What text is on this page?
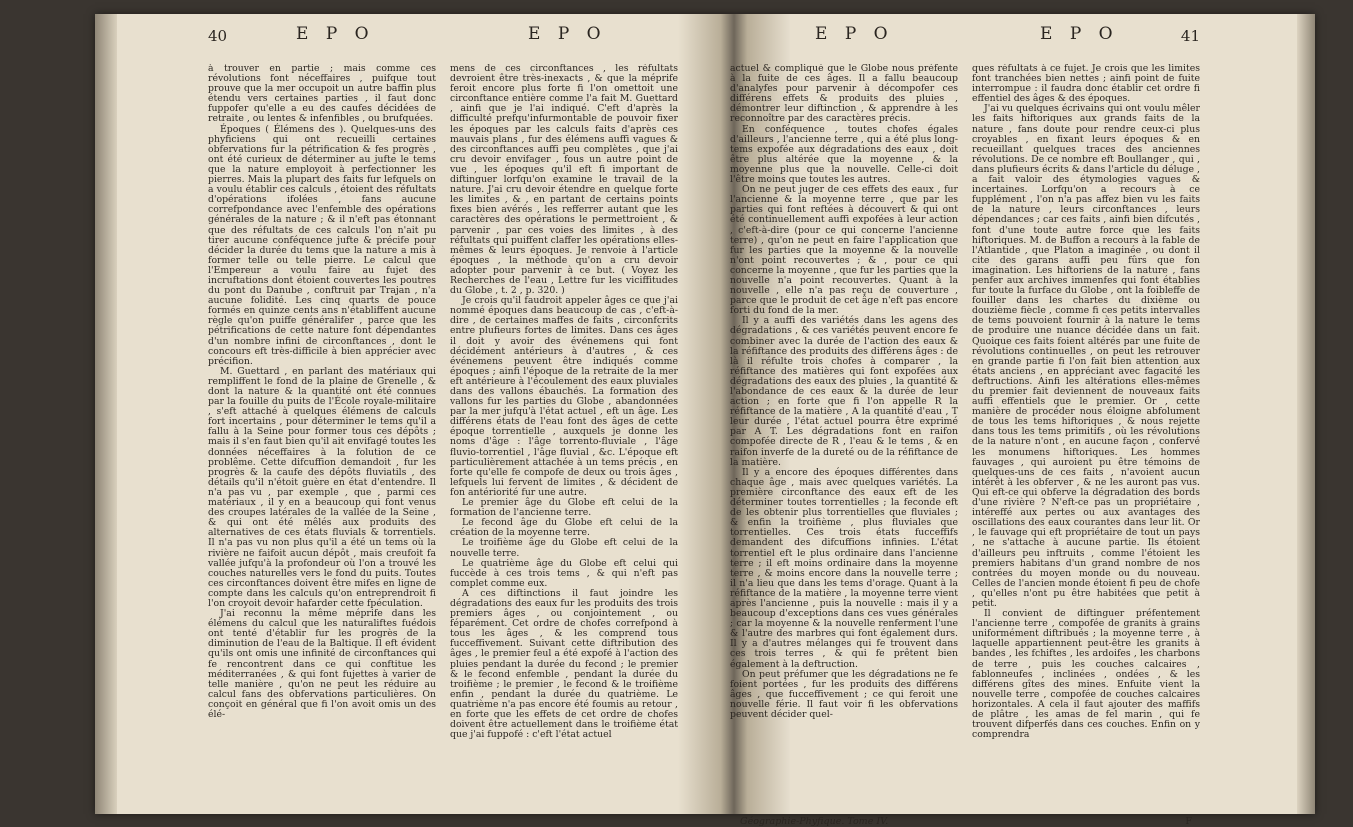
40	E P O	E P O

à trouver en partie ; mais comme ces révolutions font néceffaires , puifque tout prouve que la mer occupoit un autre baffin plus étendu vers certaines parties , il faut donc fuppofer qu'elle a eu des caufes décidées de retraite , ou lentes & infenfibles , ou brufquées.

Époques ( Élémens des ). Quelques-uns des phyficiens qui ont recueilli certaines obfervations fur la pétrification & fes progrès , ont été curieux de déterminer au jufte le tems que la nature employoit à perfectionner les pierres. Mais la plupart des faits fur lefquels on a voulu établir ces calculs , étoient des réfultats d'opérations ifolées , fans aucune correfpondance avec l'enfemble des opérations générales de la nature ; & il n'eft pas étonnant que des réfultats de ces calculs l'on n'ait pu tirer aucune conféquence jufte & précife pour décider la durée du tems que la nature a mis à former telle ou telle pierre. Le calcul que l'Empereur a voulu faire au fujet des incruftations dont étoient couvertes les poutres du pont du Danube , conftruit par Trajan , n'a aucune folidité. Les cinq quarts de pouce formés en quinze cents ans n'établiffent aucune règle qu'on puiffe généralifer , parce que les pétrifications de cette nature font dépendantes d'un nombre infini de circonftances , dont le concours eft très-difficile à bien apprécier avec précifion.

M. Guettard , en parlant des matériaux qui rempliffent le fond de la plaine de Grenelle , & dont la nature & la quantité ont été connues par la fouille du puits de l'École royale-militaire , s'eft attaché à quelques élémens de calculs fort incertains , pour déterminer le tems qu'il a fallu à la Seine pour former tous ces dépôts ; mais il s'en faut bien qu'il ait envifagé toutes les données néceffaires à la folution de ce problême. Cette difcuffion demandoit , fur les progrès & la caufe des dépôts fluviatils , des détails qu'il n'étoit guère en état d'entendre. Il n'a pas vu , par exemple , que , parmi ces matériaux , il y en a beaucoup qui font venus des croupes latérales de la vallée de la Seine , & qui ont été mêlés aux produits des alternatives de ces états fluvials & torrentiels. Il n'a pas vu non plus qu'il a été un tems où la rivière ne faifoit aucun dépôt , mais creufoit fa vallée jufqu'à la profondeur où l'on a trouvé les couches naturelles vers le fond du puits. Toutes ces circonftances doivent être mifes en ligne de compte dans les calculs qu'on entreprendroit fi l'on croyoit devoir hafarder cette fpéculation.

J'ai reconnu la même méprife dans les élémens du calcul que les naturaliftes fuédois ont tenté d'établir fur les progrès de la diminution de l'eau de la Baltique. Il eft évident qu'ils ont omis une infinité de circonftances qui fe rencontrent dans ce qui conftitue les méditerranées , & qui font fujettes à varier de telle manière , qu'on ne peut les réduire au calcul fans des obfervations particulières. On conçoit en général que fi l'on avoit omis un des élé-

mens de ces circonftances , les réfultats devroient être très-inexacts , & que la méprife feroit encore plus forte fi l'on omettoit une circonftance entière comme l'a fait M. Guettard , ainfi que je l'ai indiqué. C'eft d'après la difficulté prefqu'infurmontable de pouvoir fixer les époques par les calculs faits d'après ces mauvais plans , fur des élémens auffi vagues & des circonftances auffi peu complètes , que j'ai cru devoir envifager , fous un autre point de vue , les époques qu'il eft fi important de diftinguer lorfqu'on examine le travail de la nature. J'ai cru devoir étendre en quelque forte les limites , & , en partant de certains points fixes bien avérés , les refferrer autant que les caractères des opérations le permettroient , & parvenir , par ces voies des limites , à des réfultats qui puiffent claffer les opérations elles-mêmes & leurs époques. Je renvoie à l'article époques , la méthode qu'on a cru devoir adopter pour parvenir à ce but. ( Voyez les Recherches de l'eau , Lettre fur les viciffitudes du Globe , t. 2 , p. 320. )

Je crois qu'il faudroit appeler âges ce que j'ai nommé époques dans beaucoup de cas , c'eft-à-dire , de certaines maffes de faits , circonfcrits entre plufieurs fortes de limites. Dans ces âges il doit y avoir des événemens qui font décidément antérieurs à d'autres , & ces événemens peuvent être indiqués comme époques ; ainfi l'époque de la retraite de la mer eft antérieure à l'écoulement des eaux pluviales dans des vallons ébauchés. La formation des vallons fur les parties du Globe , abandonnées par la mer jufqu'à l'état actuel , eft un âge. Les différens états de l'eau font des âges de cette époque torrentielle , auxquels je donne les noms d'âge : l'âge torrento-fluviale , l'âge fluvio-torrentiel , l'âge fluvial , &c. L'époque eft particulièrement attachée à un tems précis , en forte qu'elle fe compofe de deux ou trois âges , lefquels lui fervent de limites , & décident de fon antériorité fur une autre.

Le premier âge du Globe eft celui de la formation de l'ancienne terre.

Le fecond âge du Globe eft celui de la création de la moyenne terre.

Le troifième âge du Globe eft celui de la nouvelle terre.

Le quatrième âge du Globe eft celui qui fuccède à ces trois tems , & qui n'eft pas complet comme eux.

A ces diftinctions il faut joindre les dégradations des eaux fur les produits des trois premiers âges , ou conjointement , ou féparément. Cet ordre de chofes correfpond à tous les âges , & les comprend tous fucceffivement. Suivant cette diftribution des âges , le premier feul a été expofé à l'action des pluies pendant la durée du fecond ; le premier & le fecond enfemble , pendant la durée du troifième ; le premier , le fecond & le troifième enfin , pendant la durée du quatrième. Le quatrième n'a pas encore été foumis au retour , en forte que les effets de cet ordre de chofes doivent être actuellement dans le troifième état que j'ai fuppofé : c'eft l'état actuel

E P O	E P O	41

actuel & compliqué que le Globe nous préfente à la fuite de ces âges. Il a fallu beaucoup d'analyfes pour parvenir à décompofer ces différens effets & produits des pluies , démontrer leur diftinction , & apprendre à les reconnoître par des caractères précis.

En conféquence , toutes chofes égales d'ailleurs , l'ancienne terre , qui a été plus long-tems expofée aux dégradations des eaux , doit être plus altérée que la moyenne , & la moyenne plus que la nouvelle. Celle-ci doit l'être moins que toutes les autres.

On ne peut juger de ces effets des eaux , fur l'ancienne & la moyenne terre , que par les parties qui font reftées à découvert & qui ont été continuellement auffi expofées à leur action , c'eft-à-dire (pour ce qui concerne l'ancienne terre) , qu'on ne peut en faire l'application que fur les parties que la moyenne & la nouvelle n'ont point recouvertes ; & , pour ce qui concerne la moyenne , que fur les parties que la nouvelle n'a point recouvertes. Quant à la nouvelle , elle n'a pas reçu de couverture , parce que le produit de cet âge n'eft pas encore forti du fond de la mer.

Il y a auffi des variétés dans les agens des dégradations , & ces variétés peuvent encore fe combiner avec la durée de l'action des eaux & la réfiftance des produits des différens âges : de là il réfulte trois chofes à comparer , la réfiftance des matières qui font expofées aux dégradations des eaux des pluies , la quantité & l'abondance de ces eaux & la durée de leur action ; en forte que fi l'on appelle R la réfiftance de la matière , A la quantité d'eau , T leur durée , l'état actuel pourra être exprimé par A T. Les dégradations font en raifon compofée directe de R , l'eau & le tems , & en raifon inverfe de la dureté ou de la réfiftance de la matière.

Il y a encore des époques différentes dans chaque âge , mais avec quelques variétés. La première circonftance des eaux eft de les déterminer toutes torrentielles ; la feconde eft de les obtenir plus torrentielles que fluviales ; & enfin la troifième , plus fluviales que torrentielles. Ces trois états fucceffifs demandent des difcuffions infinies. L'état torrentiel eft le plus ordinaire dans l'ancienne terre ; il eft moins ordinaire dans la moyenne terre , & moins encore dans la nouvelle terre ; il n'a lieu que dans les tems d'orage. Quant à la réfiftance de la matière , la moyenne terre vient après l'ancienne , puis la nouvelle : mais il y a beaucoup d'exceptions dans ces vues générales ; car la moyenne & la nouvelle renferment l'une & l'autre des marbres qui font également durs. Il y a d'autres mélanges qui fe trouvent dans ces trois terres , & qui fe prêtent bien également à la deftruction.

On peut préfumer que les dégradations ne fe foient portées , fur les produits des différens âges , que fucceffivement ; ce qui feroit une nouvelle férie. Il faut voir fi les obfervations peuvent décider quel-

ques réfultats à ce fujet. Je crois que les limites font tranchées bien nettes ; ainfi point de fuite interrompue : il faudra donc établir cet ordre fi effentiel des âges & des époques.

J'ai vu quelques écrivains qui ont voulu mêler les faits hiftoriques aux grands faits de la nature , fans doute pour rendre ceux-ci plus croyables , en fixant leurs époques & en recueillant quelques traces des anciennes révolutions. De ce nombre eft Boullanger , qui , dans plufieurs écrits & dans l'article du déluge , a fait valoir des étymologies vagues & incertaines. Lorfqu'on a recours à ce fupplément , l'on n'a pas affez bien vu les faits de la nature , leurs circonftances , leurs dépendances ; car ces faits , ainfi bien difcutés , font d'une toute autre force que les faits hiftoriques. M. de Buffon a recours à la fable de l'Atlantide , que Platon a imaginée , ou dont il cite des garans auffi peu fûrs que fon imagination. Les hiftoriens de la nature , fans penfer aux archives immenfes qui font établies fur toute la furface du Globe , ont la foibleffe de fouiller dans les chartes du dixième ou douzième fiècle , comme fi ces petits intervalles de tems pouvoient fournir à la nature le tems de produire une nuance décidée dans un fait. Quoique ces faits foient altérés par une fuite de révolutions continuelles , on peut les retrouver en grande partie fi l'on fait bien attention aux états anciens , en appréciant avec fagacité les deftructions. Ainfi les altérations elles-mêmes du premier fait deviennent de nouveaux faits auffi effentiels que le premier. Or , cette manière de procéder nous éloigne abfolument de tous les tems hiftoriques , & nous rejette dans tous les tems primitifs , où les révolutions de la nature n'ont , en aucune façon , confervé les monumens hiftoriques. Les hommes fauvages , qui auroient pu être témoins de quelques-uns de ces faits , n'avoient aucun intérêt à les obferver , & ne les auront pas vus. Qui eft-ce qui obferve la dégradation des bords d'une rivière ? N'eft-ce pas un propriétaire , intéreffé aux pertes ou aux avantages des oscillations des eaux courantes dans leur lit. Or , le fauvage qui eft propriétaire de tout un pays , ne s'attache à aucune partie. Ils étoient d'ailleurs peu inftruits , comme l'étoient les premiers habitans d'un grand nombre de nos contrées du moyen monde ou du nouveau. Celles de l'ancien monde étoient fi peu de chofe , qu'elles n'ont pu être habitées que petit à petit.

Il convient de diftinguer préfentement l'ancienne terre , compofée de granits à grains uniformément diftribués ; la moyenne terre , à laquelle appartiennent peut-être les granits à bandes , les fchiftes , les ardoifes , les charbons de terre , puis les couches calcaires , fablonneufes , inclinées , ondées , & les différens gîtes des mines. Enfuite vient la nouvelle terre , compofée de couches calcaires horizontales. A cela il faut ajouter des maffifs de plâtre , les amas de fel marin , qui fe trouvent difperfés dans ces couches. Enfin on y comprendra

Géographie-Phyfique. Tome IV.	F
